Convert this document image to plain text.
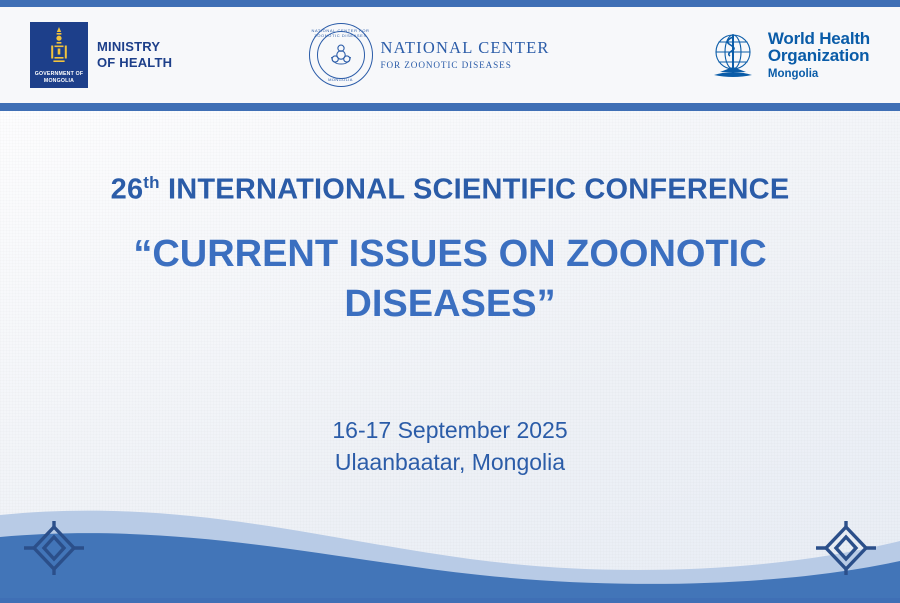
GOVERNMENT OF
MONGOLIA
MINISTRY
OF HEALTH
NATIONAL CENTER FOR ZOONOTIC DISEASES
MONGOLIA
NATIONAL CENTER
FOR ZOONOTIC DISEASES
World Health
Organization
Mongolia
26th INTERNATIONAL SCIENTIFIC CONFERENCE
“CURRENT ISSUES ON ZOONOTIC DISEASES”
16-17 September 2025
Ulaanbaatar, Mongolia
